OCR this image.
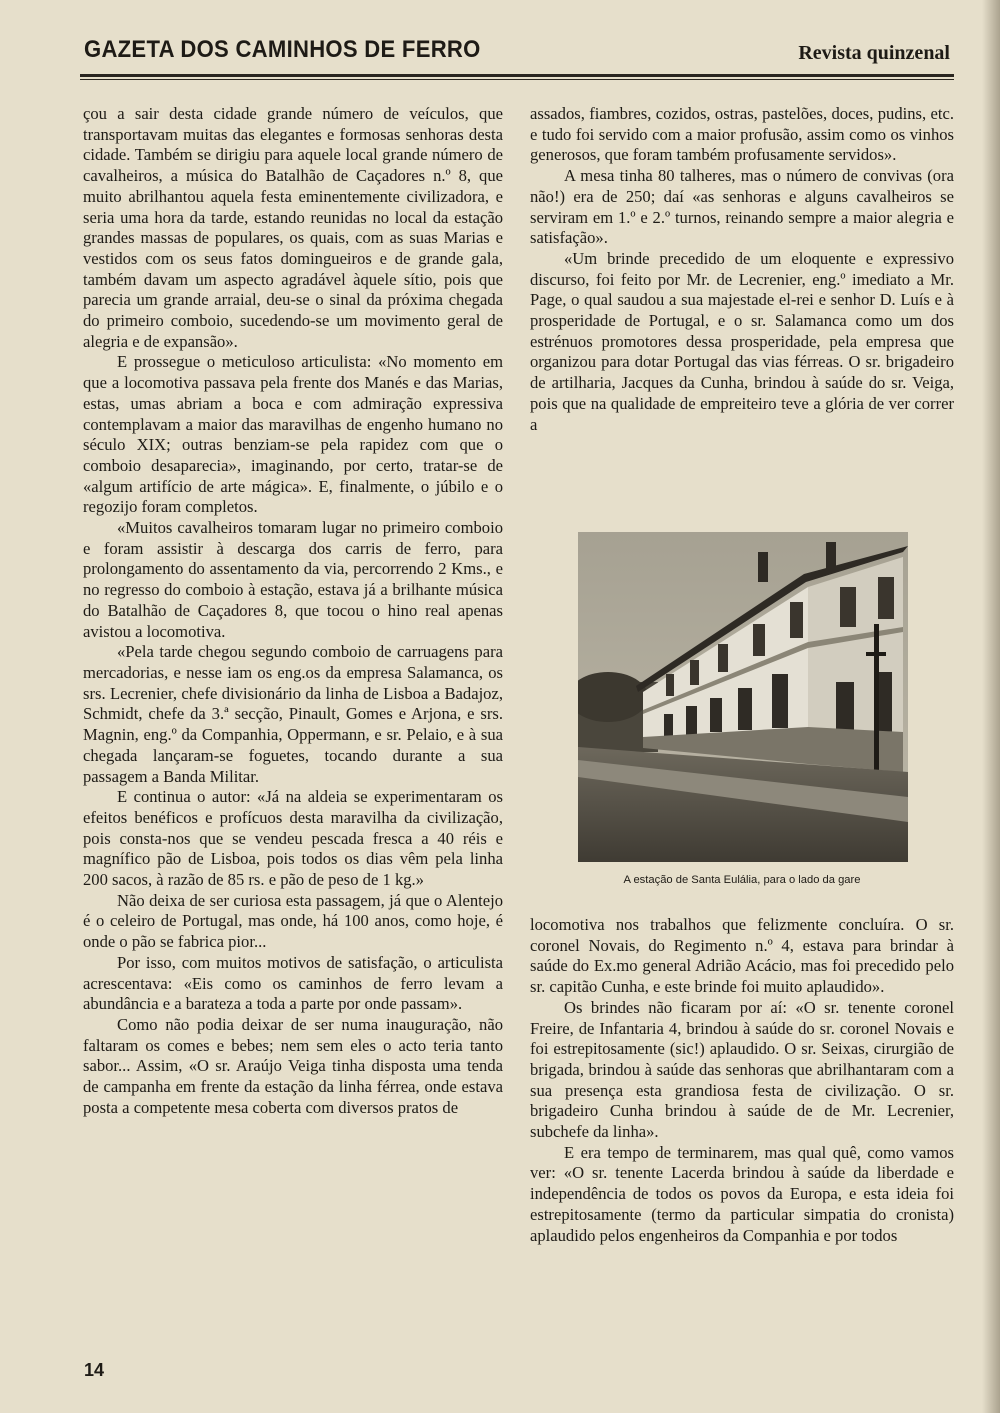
GAZETA DOS CAMINHOS DE FERRO	Revista quinzenal

çou a sair desta cidade grande número de veículos, que transportavam muitas das elegantes e formosas senhoras desta cidade. Também se dirigiu para aquele local grande número de cavalheiros, a música do Batalhão de Caçadores n.º 8, que muito abrilhantou aquela festa eminentemente civilizadora, e seria uma hora da tarde, estando reunidas no local da estação grandes massas de populares, os quais, com as suas Marias e vestidos com os seus fatos domingueiros e de grande gala, também davam um aspecto agradável àquele sítio, pois que parecia um grande arraial, deu-se o sinal da próxima chegada do primeiro comboio, sucedendo-se um movimento geral de alegria e de expansão».

E prossegue o meticuloso articulista: «No momento em que a locomotiva passava pela frente dos Manés e das Marias, estas, umas abriam a boca e com admiração expressiva contemplavam a maior das maravilhas de engenho humano no século XIX; outras benziam-se pela rapidez com que o comboio desaparecia», imaginando, por certo, tratar-se de «algum artifício de arte mágica». E, finalmente, o júbilo e o regozijo foram completos.

«Muitos cavalheiros tomaram lugar no primeiro comboio e foram assistir à descarga dos carris de ferro, para prolongamento do assentamento da via, percorrendo 2 Kms., e no regresso do comboio à estação, estava já a brilhante música do Batalhão de Caçadores 8, que tocou o hino real apenas avistou a locomotiva.

«Pela tarde chegou segundo comboio de carruagens para mercadorias, e nesse iam os eng.os da empresa Salamanca, os srs. Lecrenier, chefe divisionário da linha de Lisboa a Badajoz, Schmidt, chefe da 3.ª secção, Pinault, Gomes e Arjona, e srs. Magnin, eng.º da Companhia, Oppermann, e sr. Pelaio, e à sua chegada lançaram-se foguetes, tocando durante a sua passagem a Banda Militar.

E continua o autor: «Já na aldeia se experimentaram os efeitos benéficos e profícuos desta maravilha da civilização, pois consta-nos que se vendeu pescada fresca a 40 réis e magnífico pão de Lisboa, pois todos os dias vêm pela linha 200 sacos, à razão de 85 rs. e pão de peso de 1 kg.»

Não deixa de ser curiosa esta passagem, já que o Alentejo é o celeiro de Portugal, mas onde, há 100 anos, como hoje, é onde o pão se fabrica pior...

Por isso, com muitos motivos de satisfação, o articulista acrescentava: «Eis como os caminhos de ferro levam a abundância e a barateza a toda a parte por onde passam».

Como não podia deixar de ser numa inauguração, não faltaram os comes e bebes; nem sem eles o acto teria tanto sabor... Assim, «O sr. Araújo Veiga tinha disposta uma tenda de campanha em frente da estação da linha férrea, onde estava posta a competente mesa coberta com diversos pratos de

assados, fiambres, cozidos, ostras, pastelões, doces, pudins, etc. e tudo foi servido com a maior profusão, assim como os vinhos generosos, que foram também profusamente servidos».

A mesa tinha 80 talheres, mas o número de convivas (ora não!) era de 250; daí «as senhoras e alguns cavalheiros se serviram em 1.º e 2.º turnos, reinando sempre a maior alegria e satisfação».

«Um brinde precedido de um eloquente e expressivo discurso, foi feito por Mr. de Lecrenier, eng.º imediato a Mr. Page, o qual saudou a sua majestade el-rei e senhor D. Luís e à prosperidade de Portugal, e o sr. Salamanca como um dos estrénuos promotores dessa prosperidade, pela empresa que organizou para dotar Portugal das vias férreas. O sr. brigadeiro de artilharia, Jacques da Cunha, brindou à saúde do sr. Veiga, pois que na qualidade de empreiteiro teve a glória de ver correr a

A estação de Santa Eulália, para o lado da gare

locomotiva nos trabalhos que felizmente concluíra. O sr. coronel Novais, do Regimento n.º 4, estava para brindar à saúde do Ex.mo general Adrião Acácio, mas foi precedido pelo sr. capitão Cunha, e este brinde foi muito aplaudido».

Os brindes não ficaram por aí: «O sr. tenente coronel Freire, de Infantaria 4, brindou à saúde do sr. coronel Novais e foi estrepitosamente (sic!) aplaudido. O sr. Seixas, cirurgião de brigada, brindou à saúde das senhoras que abrilhantaram com a sua presença esta grandiosa festa de civilização. O sr. brigadeiro Cunha brindou à saúde de de Mr. Lecrenier, subchefe da linha».

E era tempo de terminarem, mas qual quê, como vamos ver: «O sr. tenente Lacerda brindou à saúde da liberdade e independência de todos os povos da Europa, e esta ideia foi estrepitosamente (termo da particular simpatia do cronista) aplaudido pelos engenheiros da Companhia e por todos

14
